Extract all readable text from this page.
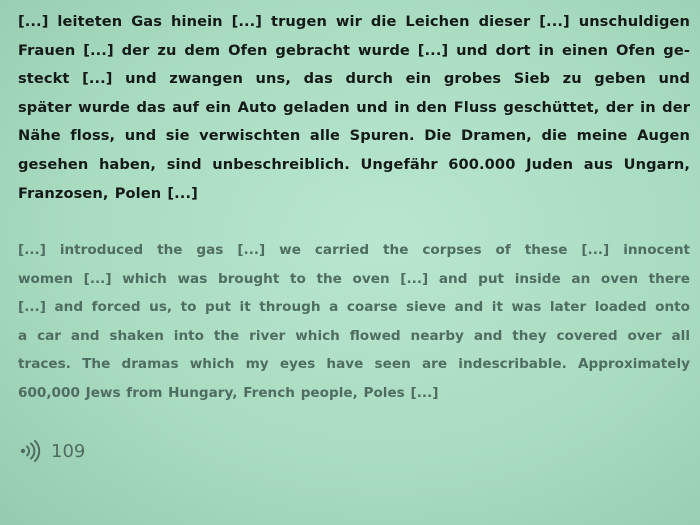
[...] leiteten Gas hinein [...] trugen wir die Leichen dieser [...] unschuldigen
Frauen [...] der zu dem Ofen gebracht wurde [...] und dort in einen Ofen ge-
steckt [...] und zwangen uns, das durch ein grobes Sieb zu geben und
später wurde das auf ein Auto geladen und in den Fluss geschüttet, der in der
Nähe floss, und sie verwischten alle Spuren. Die Dramen, die meine Augen
gesehen haben, sind unbeschreiblich. Ungefähr 600.000 Juden aus Ungarn,
Franzosen, Polen [...]
[...] introduced the gas [...] we carried the corpses of these [...] innocent
women [...] which was brought to the oven [...] and put inside an oven there
[...] and forced us, to put it through a coarse sieve and it was later loaded onto
a car and shaken into the river which flowed nearby and they covered over all
traces. The dramas which my eyes have seen are indescribable. Approximately
600,000 Jews from Hungary, French people, Poles [...]
109
